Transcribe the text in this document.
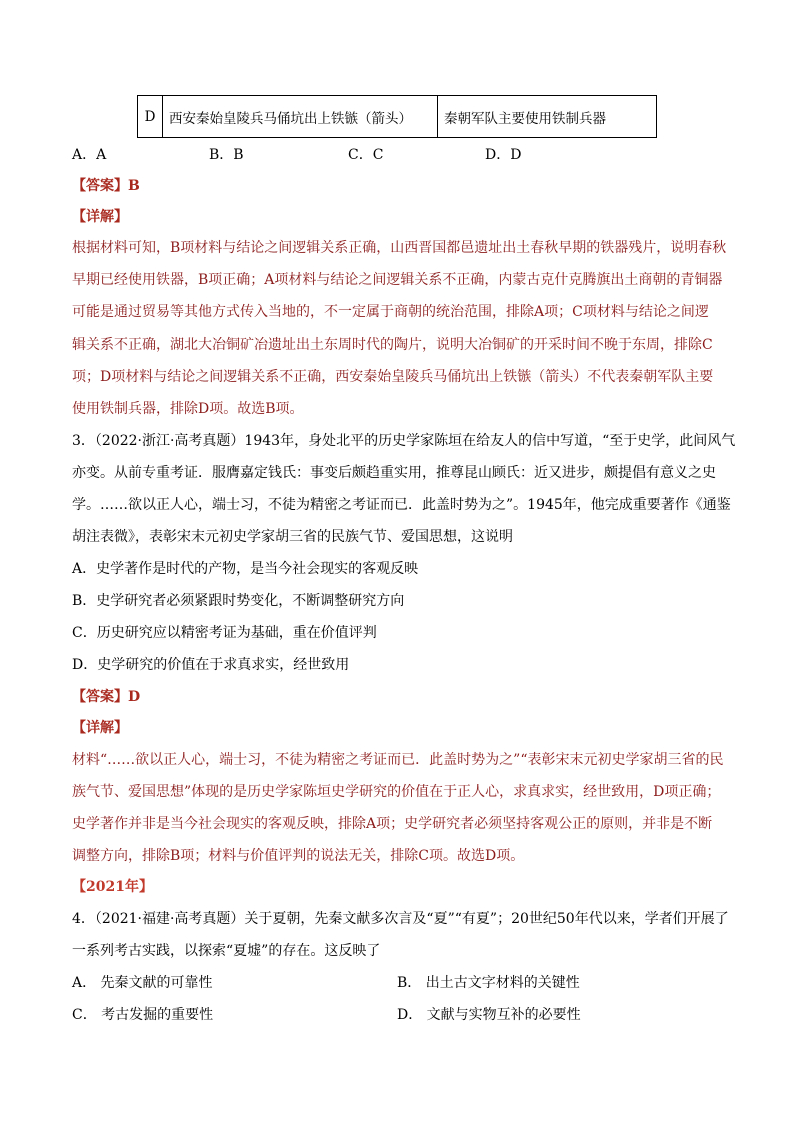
D	西安秦始皇陵兵马俑坑出上铁镞（箭头）	秦朝军队主要使用铁制兵器
A．A	B．B	C．C	D．D
【答案】B
【详解】
根据材料可知，B项材料与结论之间逻辑关系正确，山西晋国都邑遗址出土春秋早期的铁器残片，说明春秋
早期已经使用铁器，B项正确；A项材料与结论之间逻辑关系不正确，内蒙古克什克腾旗出土商朝的青铜器
可能是通过贸易等其他方式传入当地的，不一定属于商朝的统治范围，排除A项；C项材料与结论之间逻
辑关系不正确，湖北大冶铜矿冶遗址出土东周时代的陶片，说明大冶铜矿的开采时间不晚于东周，排除C
项；D项材料与结论之间逻辑关系不正确，西安秦始皇陵兵马俑坑出上铁镞（箭头）不代表秦朝军队主要
使用铁制兵器，排除D项。故选B项。
3．（2022·浙江·高考真题）1943年，身处北平的历史学家陈垣在给友人的信中写道，“至于史学，此间风气
亦变。从前专重考证．服膺嘉定钱氏：事变后颇趋重实用，推尊昆山顾氏：近又进步，颇提倡有意义之史
学。……欲以正人心，端士习，不徒为精密之考证而已．此盖时势为之”。1945年，他完成重要著作《通鉴
胡注表微》，表彰宋末元初史学家胡三省的民族气节、爱国思想，这说明
A．史学著作是时代的产物，是当今社会现实的客观反映
B．史学研究者必须紧跟时势变化，不断调整研究方向
C．历史研究应以精密考证为基础，重在价值评判
D．史学研究的价值在于求真求实，经世致用
【答案】D
【详解】
材料“……欲以正人心，端士习，不徒为精密之考证而已．此盖时势为之”“表彰宋末元初史学家胡三省的民
族气节、爱国思想”体现的是历史学家陈垣史学研究的价值在于正人心，求真求实，经世致用，D项正确；
史学著作并非是当今社会现实的客观反映，排除A项；史学研究者必须坚持客观公正的原则，并非是不断
调整方向，排除B项；材料与价值评判的说法无关，排除C项。故选D项。
【2021年】
4．（2021·福建·高考真题）关于夏朝，先秦文献多次言及“夏”“有夏”；20世纪50年代以来，学者们开展了
一系列考古实践，以探索“夏墟”的存在。这反映了
A． 先秦文献的可靠性	B． 出土古文字材料的关键性
C． 考古发掘的重要性	D． 文献与实物互补的必要性
